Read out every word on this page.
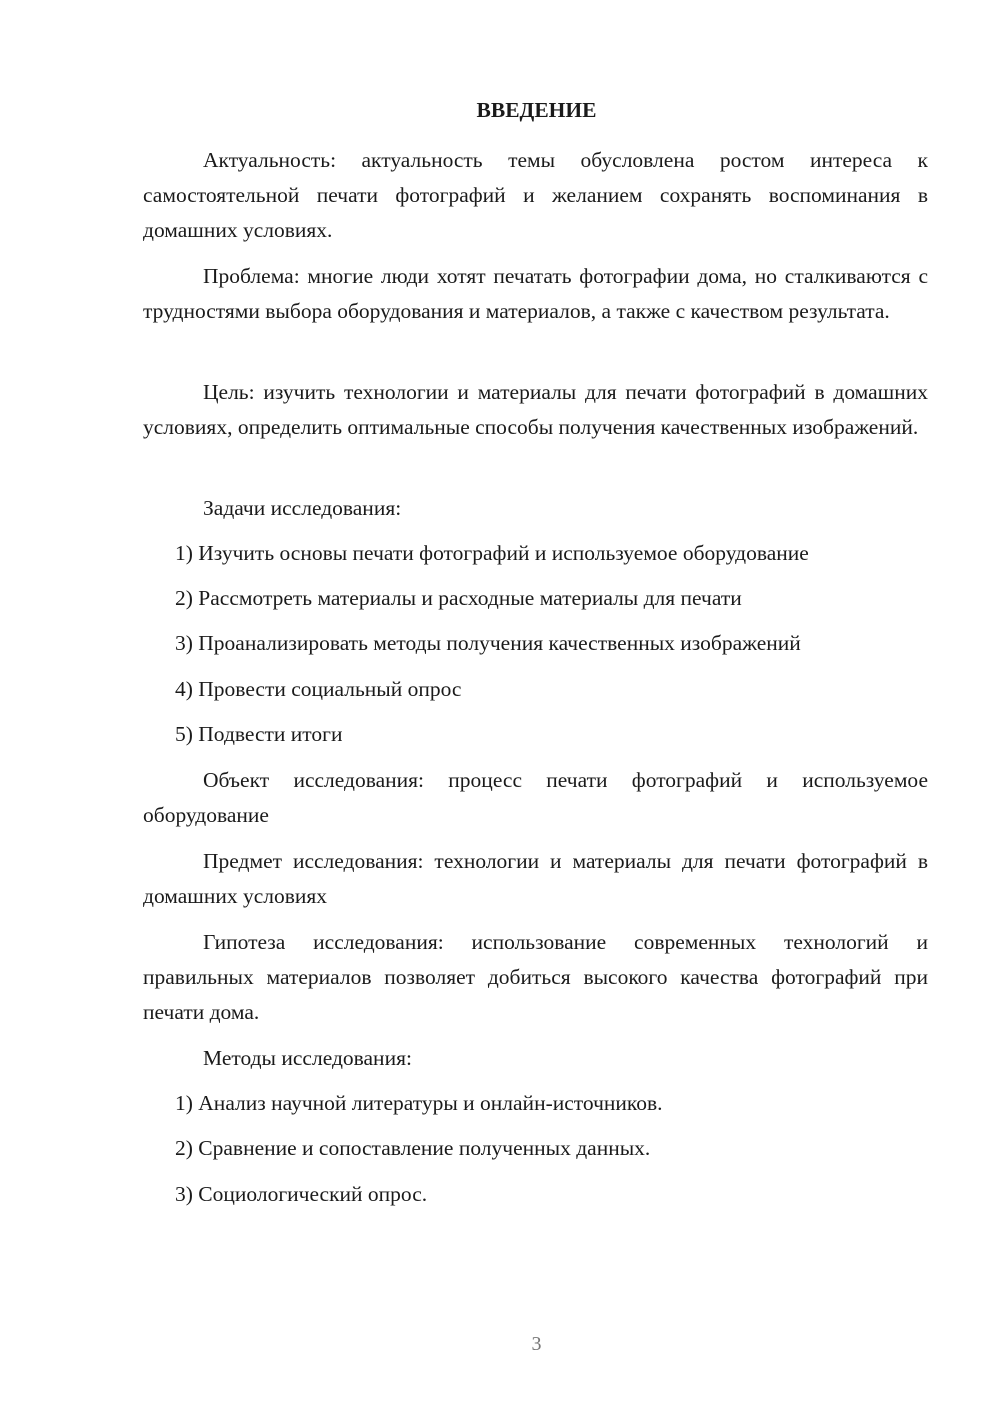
ВВЕДЕНИЕ

Актуальность: актуальность темы обусловлена ростом интереса к самостоятельной печати фотографий и желанием сохранять воспоминания в домашних условиях.

Проблема: многие люди хотят печатать фотографии дома, но сталкиваются с трудностями выбора оборудования и материалов, а также с качеством результата.

Цель: изучить технологии и материалы для печати фотографий в домашних условиях, определить оптимальные способы получения качественных изображений.

Задачи исследования:

1) Изучить основы печати фотографий и используемое оборудование
2) Рассмотреть материалы и расходные материалы для печати
3) Проанализировать методы получения качественных изображений
4) Провести социальный опрос
5) Подвести итоги

Объект исследования: процесс печати фотографий и используемое оборудование

Предмет исследования: технологии и материалы для печати фотографий в домашних условиях

Гипотеза исследования: использование современных технологий и правильных материалов позволяет добиться высокого качества фотографий при печати дома.

Методы исследования:

1) Анализ научной литературы и онлайн-источников.
2) Сравнение и сопоставление полученных данных.
3) Социологический опрос.
3
